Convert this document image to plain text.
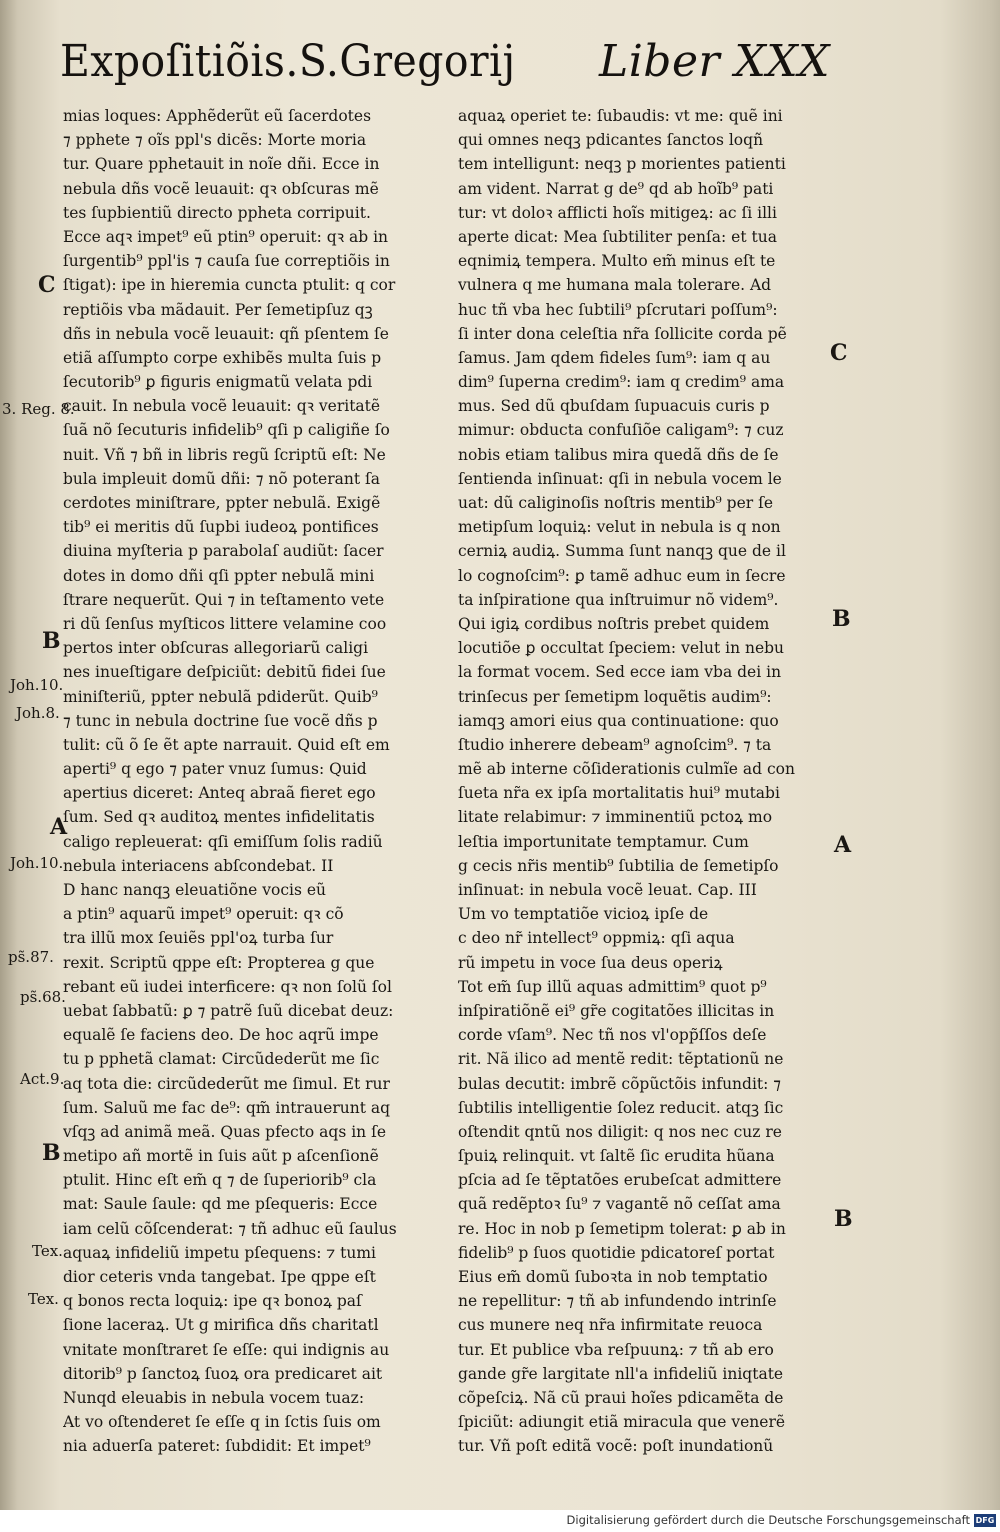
Expoſitiõis.S.Gregorij Liber XXX
mias loques: Apphẽderũt eũ ſacerdotes
⁊ pphete ⁊ oĩs ppl's dicẽs: Morte moria
tur. Quare pphetauit in noĩe dñi. Ecce in
nebula dñs vocẽ leuauit: qꝛ obſcuras mẽ
tes ſupbientiũ directo ppheta corripuit.
Ecce aqꝛ impet⁹ eũ ptin⁹ operuit: qꝛ ab in
ſurgentib⁹ ppl'is ⁊ cauſa ſue correptiõis in
ſtigat): ipe in hieremia cuncta ptulit: q cor
reptiõis vba mãdauit. Per ſemetipſuz qꝫ
dñs in nebula vocẽ leuauit: qñ pſentem ſe
etiã aſſumpto corpe exhibẽs multa ſuis p
ſecutorib⁹ ꝑ figuris enigmatũ velata pdi
cauit. In nebula vocẽ leuauit: qꝛ veritatẽ
ſuã nõ ſecuturis infidelib⁹ qſi p caligiñe ſo
nuit. Vñ ⁊ bñ in libris regũ ſcriptũ eſt: Ne
bula impleuit domũ dñi: ⁊ nõ poterant ſa
cerdotes miniſtrare, ppter nebulã. Exigẽ
tib⁹ ei meritis dũ ſupbi iudeoꝝ pontifices
diuina myſteria p parabolaſ audiũt: ſacer
dotes in domo dñi qſi ppter nebulã mini
ſtrare nequerũt. Qui ⁊ in teſtamento vete
ri dũ ſenſus myſticos littere velamine coo
pertos inter obſcuras allegoriarũ caligi
nes inueſtigare deſpiciũt: debitũ fidei ſue
miniſteriũ, ppter nebulã pdiderũt. Quib⁹
⁊ tunc in nebula doctrine ſue vocẽ dñs p
tulit: cũ õ ſe ẽt apte narrauit. Quid eſt em
aperti⁹ q ego ⁊ pater vnuz ſumus: Quid
apertius diceret: Anteq abraã fieret ego
ſum. Sed qꝛ auditoꝝ mentes infidelitatis
caligo repleuerat: qſi emiſſum ſolis radiũ
nebula interiacens abſcondebat. II
D hanc nanqꝫ eleuatiõne vocis eũ
a ptin⁹ aquarũ impet⁹ operuit: qꝛ cõ
tra illũ mox ſeuiẽs ppl'oꝝ turba ſur
rexit. Scriptũ qppe eſt: Propterea g que
rebant eũ iudei interficere: qꝛ non ſolũ ſol
uebat ſabbatũ: ꝑ ⁊ patrẽ ſuũ dicebat deuz:
equalẽ ſe faciens deo. De hoc aqrũ impe
tu p pphetã clamat: Circũdederũt me ſic
aq tota die: circũdederũt me ſimul. Et rur
ſum. Saluũ me fac de⁹: qm̃ intrauerunt aq
vſqꝫ ad animã meã. Quas pfecto aqs in ſe
metipo añ mortẽ in ſuis aũt p aſcenſionẽ
ptulit. Hinc eſt em̃ q ⁊ de ſuperiorib⁹ cla
mat: Saule ſaule: qd me pſequeris: Ecce
iam celũ cõſcenderat: ⁊ tñ adhuc eũ ſaulus
aquaꝝ infideliũ impetu pſequens: ⁊ tumi
dior ceteris vnda tangebat. Ipe qppe eſt
q bonos recta loquiꝝ: ipe qꝛ bonoꝝ paſ
ſione laceraꝝ. Ut g mirifica dñs charitatl
vnitate monſtraret ſe eſſe: qui indignis au
ditorib⁹ p ſanctoꝝ ſuoꝝ ora predicaret ait
Nunqd eleuabis in nebula vocem tuaz:
At vo oſtenderet ſe eſſe q in ſctis ſuis om
nia aduerſa pateret: ſubdidit: Et impet⁹
aquaꝝ operiet te: ſubaudis: vt me: quẽ ini
qui omnes neqꝫ pdicantes ſanctos loqñ
tem intelligunt: neqꝫ p morientes patienti
am vident. Narrat g de⁹ qd ab hoĩb⁹ pati
tur: vt doloꝛ afflicti hoĩs mitigeꝝ: ac ſi illi
aperte dicat: Mea ſubtiliter penſa: et tua
eqnimiꝝ tempera. Multo em̃ minus eſt te
vulnera q me humana mala tolerare. Ad
huc tñ vba hec ſubtili⁹ pſcrutari poſſum⁹:
ſi inter dona celeſtia nr̃a ſollicite corda pẽ
ſamus. Jam qdem fideles ſum⁹: iam q au
dim⁹ ſuperna credim⁹: iam q credim⁹ ama
mus. Sed dũ qbuſdam ſupuacuis curis p
mimur: obducta confuſiõe caligam⁹: ⁊ cuz
nobis etiam talibus mira quedã dñs de ſe
ſentienda inſinuat: qſi in nebula vocem le
uat: dũ caliginoſis noſtris mentib⁹ per ſe
metipſum loquiꝝ: velut in nebula is q non
cerniꝝ audiꝝ. Summa ſunt nanqꝫ que de il
lo cognoſcim⁹: ꝑ tamẽ adhuc eum in ſecre
ta inſpiratione qua inſtruimur nõ videm⁹.
Qui igiꝝ cordibus noſtris prebet quidem
locutiõe ꝑ occultat ſpeciem: velut in nebu
la format vocem. Sed ecce iam vba dei in
trinſecus per ſemetipm loquẽtis audim⁹:
iamqꝫ amori eius qua continuatione: quo
ſtudio inherere debeam⁹ agnoſcim⁹. ⁊ ta
mẽ ab interne cõſiderationis culmĩe ad con
ſueta nr̃a ex ipſa mortalitatis hui⁹ mutabi
litate relabimur: ⁊ imminentiũ pctoꝝ mo
leſtia importunitate temptamur. Cum
g cecis nr̃is mentib⁹ ſubtilia de ſemetipſo
inſinuat: in nebula vocẽ leuat. Cap. III
Um vo temptatiõe vicioꝝ ipſe de
c deo nr̃ intellect⁹ oppmiꝝ: qſi aqua
rũ impetu in voce ſua deus operiꝝ
Tot em̃ ſup illũ aquas admittim⁹ quot p⁹
inſpiratiõnẽ ei⁹ gr̃e cogitatões illicitas in
corde vſam⁹. Nec tñ nos vl'opp̃ſſos deſe
rit. Nã ilico ad mentẽ redit: tẽptationũ ne
bulas decutit: imbrẽ cõpũctõis infundit: ⁊
ſubtilis intelligentie ſolez reducit. atqꝫ ſic
oſtendit qntũ nos diligit: q nos nec cuz re
ſpuiꝝ relinquit. vt ſaltẽ ſic erudita hũana
pſcia ad ſe tẽptatões erubeſcat admittere
quã redẽptoꝛ ſu⁹ ⁊ vagantẽ nõ ceſſat ama
re. Hoc in nob p ſemetipm tolerat: ꝑ ab in
fidelib⁹ p ſuos quotidie pdicatoreſ portat
Eius em̃ domũ ſuboꝛta in nob temptatio
ne repellitur: ⁊ tñ ab infundendo intrinſe
cus munere neq nr̃a infirmitate reuoca
tur. Et publice vba reſpuunꝝ: ⁊ tñ ab ero
gande gr̃e largitate nll'a infideliũ iniqtate
cõpeſciꝝ. Nã cũ praui hoĩes pdicamẽta de
ſpiciũt: adiungit etiã miracula que venerẽ
tur. Vñ poſt editã vocẽ: poſt inundationũ
C
3. Reg. 8.
B
Joh.10.
Joh.8.
A
Joh.10.
ps̃.87.
ps̃.68.
Act.9.
B
Tex.
Tex.
C
B
A
B
Digitalisierung gefördert durch die Deutsche Forschungsgemeinschaft DFG
